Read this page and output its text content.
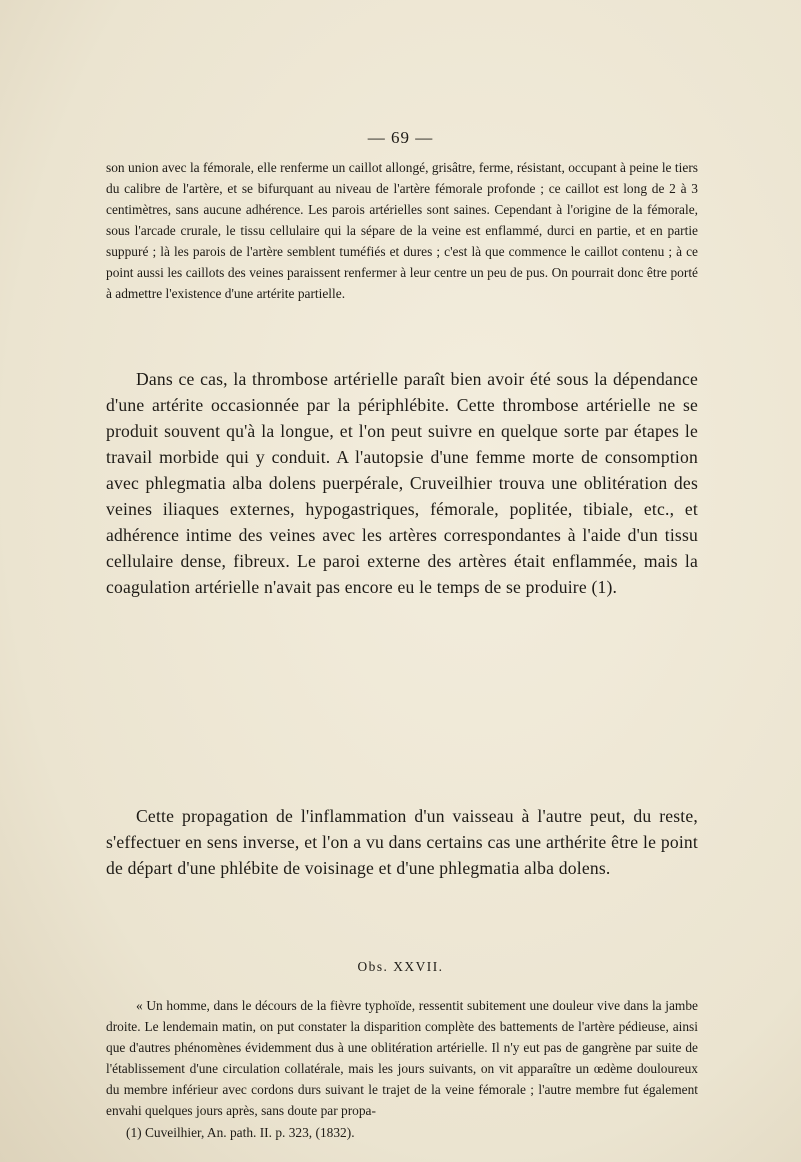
— 69 —

son union avec la fémorale, elle renferme un caillot allongé, grisâtre, ferme, résistant, occupant à peine le tiers du calibre de l'artère, et se bifurquant au niveau de l'artère fémorale profonde ; ce caillot est long de 2 à 3 centimètres, sans aucune adhérence. Les parois artérielles sont saines. Cependant à l'origine de la fémorale, sous l'arcade crurale, le tissu cellulaire qui la sépare de la veine est enflammé, durci en partie, et en partie suppuré ; là les parois de l'artère semblent tuméfiés et dures ; c'est là que commence le caillot contenu ; à ce point aussi les caillots des veines paraissent renfermer à leur centre un peu de pus. On pourrait donc être porté à admettre l'existence d'une artérite partielle.

Dans ce cas, la thrombose artérielle paraît bien avoir été sous la dépendance d'une artérite occasionnée par la périphlébite. Cette thrombose artérielle ne se produit souvent qu'à la longue, et l'on peut suivre en quelque sorte par étapes le travail morbide qui y conduit. A l'autopsie d'une femme morte de consomption avec phlegmatia alba dolens puerpérale, Cruveilhier trouva une oblitération des veines iliaques externes, hypogastriques, fémorale, poplitée, tibiale, etc., et adhérence intime des veines avec les artères correspondantes à l'aide d'un tissu cellulaire dense, fibreux. Le paroi externe des artères était enflammée, mais la coagulation artérielle n'avait pas encore eu le temps de se produire (1).

Cette propagation de l'inflammation d'un vaisseau à l'autre peut, du reste, s'effectuer en sens inverse, et l'on a vu dans certains cas une arthérite être le point de départ d'une phlébite de voisinage et d'une phlegmatia alba dolens.

Obs. XXVII.

« Un homme, dans le décours de la fièvre typhoïde, ressentit subitement une douleur vive dans la jambe droite. Le lendemain matin, on put constater la disparition complète des battements de l'artère pédieuse, ainsi que d'autres phénomènes évidemment dus à une oblitération artérielle. Il n'y eut pas de gangrène par suite de l'établissement d'une circulation collatérale, mais les jours suivants, on vit apparaître un œdème douloureux du membre inférieur avec cordons durs suivant le trajet de la veine fémorale ; l'autre membre fut également envahi quelques jours après, sans doute par propa-

(1) Cuveilhier, An. path. II. p. 323, (1832).
